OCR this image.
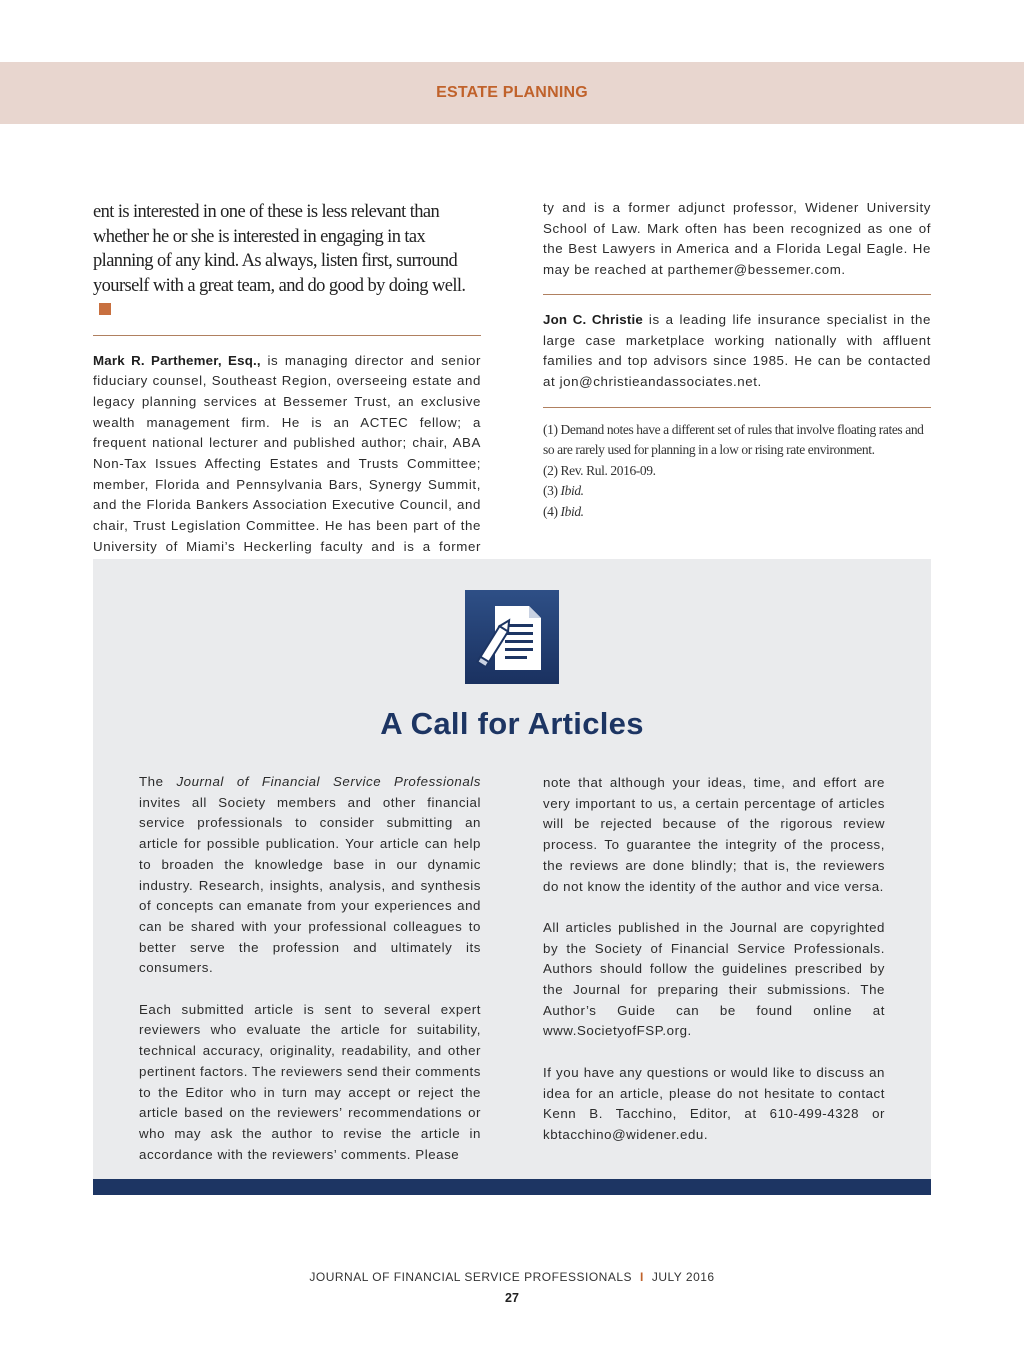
ESTATE PLANNING

ent is interested in one of these is less relevant than whether he or she is interested in engaging in tax planning of any kind. As always, listen first, surround yourself with a great team, and do good by doing well.

Mark R. Parthemer, Esq., is managing director and senior fiduciary counsel, Southeast Region, overseeing estate and legacy planning services at Bessemer Trust, an exclusive wealth management firm. He is an ACTEC fellow; a frequent national lecturer and published author; chair, ABA Non-Tax Issues Affecting Estates and Trusts Committee; member, Florida and Pennsylvania Bars, Synergy Summit, and the Florida Bankers Association Executive Council, and chair, Trust Legislation Committee. He has been part of the University of Miami’s Heckerling faculty and is a former

ty and is a former adjunct professor, Widener University School of Law. Mark often has been recognized as one of the Best Lawyers in America and a Florida Legal Eagle. He may be reached at parthemer@bessemer.com.

Jon C. Christie is a leading life insurance specialist in the large case marketplace working nationally with affluent families and top advisors since 1985. He can be contacted at jon@christieandassociates.net.

(1) Demand notes have a different set of rules that involve floating rates and so are rarely used for planning in a low or rising rate environment.

(2) Rev. Rul. 2016-09.

(3) Ibid.

(4) Ibid.

A Call for Articles

The Journal of Financial Service Professionals invites all Society members and other financial service professionals to consider submitting an article for possible publication. Your article can help to broaden the knowledge base in our dynamic industry. Research, insights, analysis, and synthesis of concepts can emanate from your experiences and can be shared with your professional colleagues to better serve the profession and ultimately its consumers.

Each submitted article is sent to several expert reviewers who evaluate the article for suitability, technical accuracy, originality, readability, and other pertinent factors. The reviewers send their comments to the Editor who in turn may accept or reject the article based on the reviewers’ recommendations or who may ask the author to revise the article in accordance with the reviewers’ comments. Please

note that although your ideas, time, and effort are very important to us, a certain percentage of articles will be rejected because of the rigorous review process. To guarantee the integrity of the process, the reviews are done blindly; that is, the reviewers do not know the identity of the author and vice versa.

All articles published in the Journal are copyrighted by the Society of Financial Service Professionals. Authors should follow the guidelines prescribed by the Journal for preparing their submissions. The Author’s Guide can be found online at www.SocietyofFSP.org.

If you have any questions or would like to discuss an idea for an article, please do not hesitate to contact Kenn B. Tacchino, Editor, at 610-499-4328 or kbtacchino@widener.edu.

JOURNAL OF FINANCIAL SERVICE PROFESSIONALS I JULY 2016
27
